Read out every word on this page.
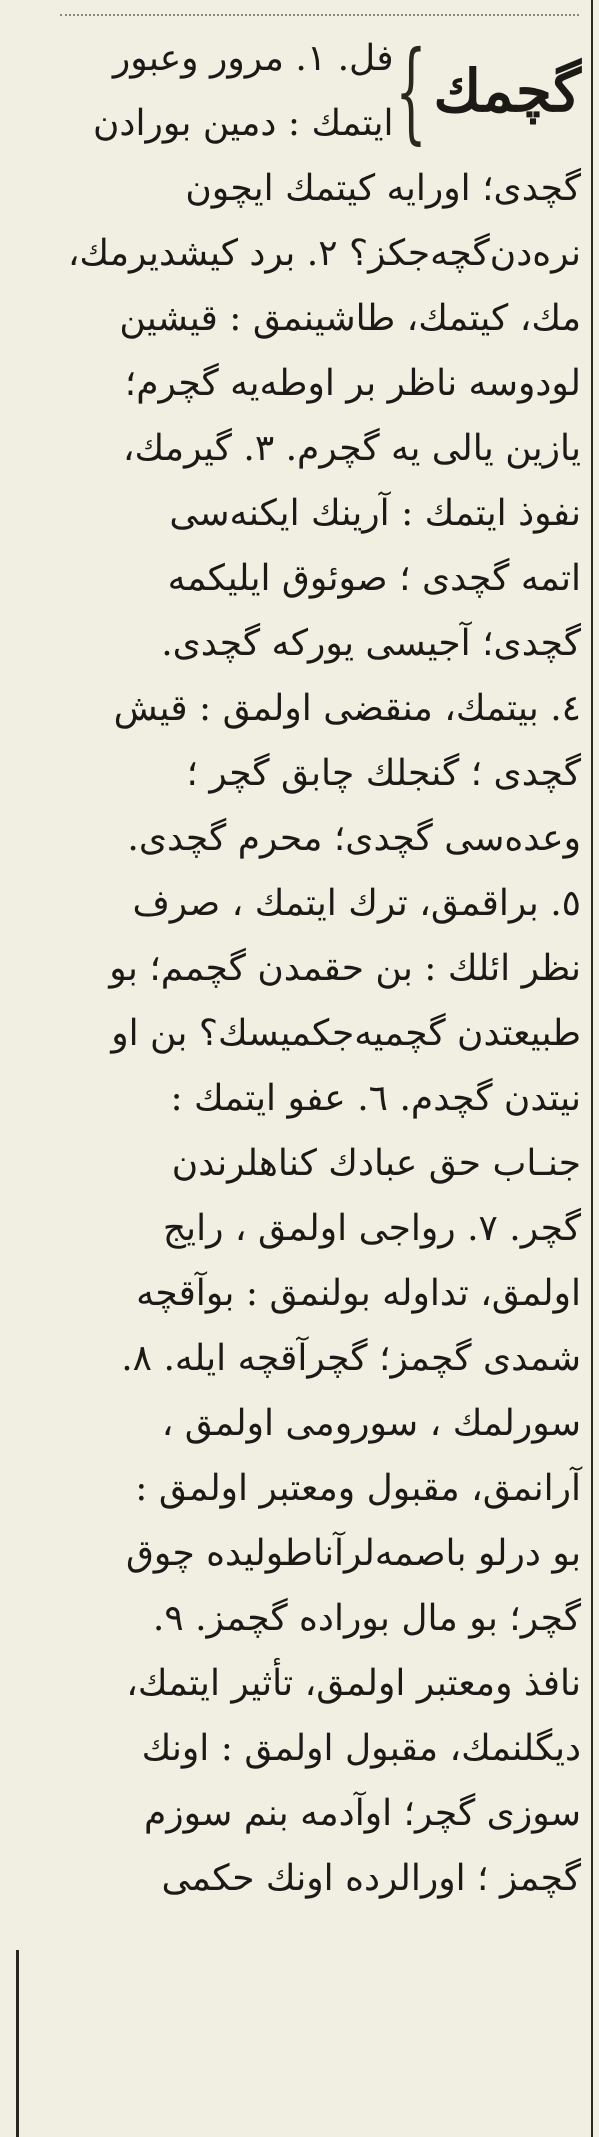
گچمك
{
فل. ١. مرور وعبور
ايتمك : دمين بورادن
گچدی؛ اورايه كيتمك ايچون
نره‌دن‌گچه‌جكز؟ ٢. برد كيشديرمك،
مك، كيتمك، طاشينمق : قيشين
لودوسه ناظر بر اوطه‌يه گچرم؛
يازين يالی يه گچرم. ٣. گيرمك،
نفوذ ايتمك : آرينك ايكنه‌سی
اتمه گچدی ؛ صوئوق ايليكمه
گچدی؛ آجيسی يوركه گچدی.
٤. بيتمك، منقضی اولمق : قيش
گچدی ؛ گنجلك چابق گچر ؛
وعده‌سی گچدی؛ محرم گچدی.
٥. براقمق، ترك ايتمك ، صرف
نظر ائلك : بن حقمدن گچمم؛ بو
طبيعتدن گچميه‌جكميسك؟ بن او
نيتدن گچدم. ٦. عفو ايتمك :
جنـاب حق عبادك كناهلرندن
گچر. ٧. رواجی اولمق ، رايج
اولمق، تداوله بولنمق : بوآقچه
شمدی گچمز؛ گچرآقچه ايله. ٨.
سورلمك ، سورومی اولمق ،
آرانمق، مقبول ومعتبر اولمق :
بو درلو باصمه‌لرآناطوليده چوق
گچر؛ بو مال بوراده گچمز. ٩.
نافذ ومعتبر اولمق، تأثير ايتمك،
ديگلنمك، مقبول اولمق : اونك
سوزی گچر؛ اوآدمه بنم سوزم
گچمز ؛ اورالرده اونك حكمی
